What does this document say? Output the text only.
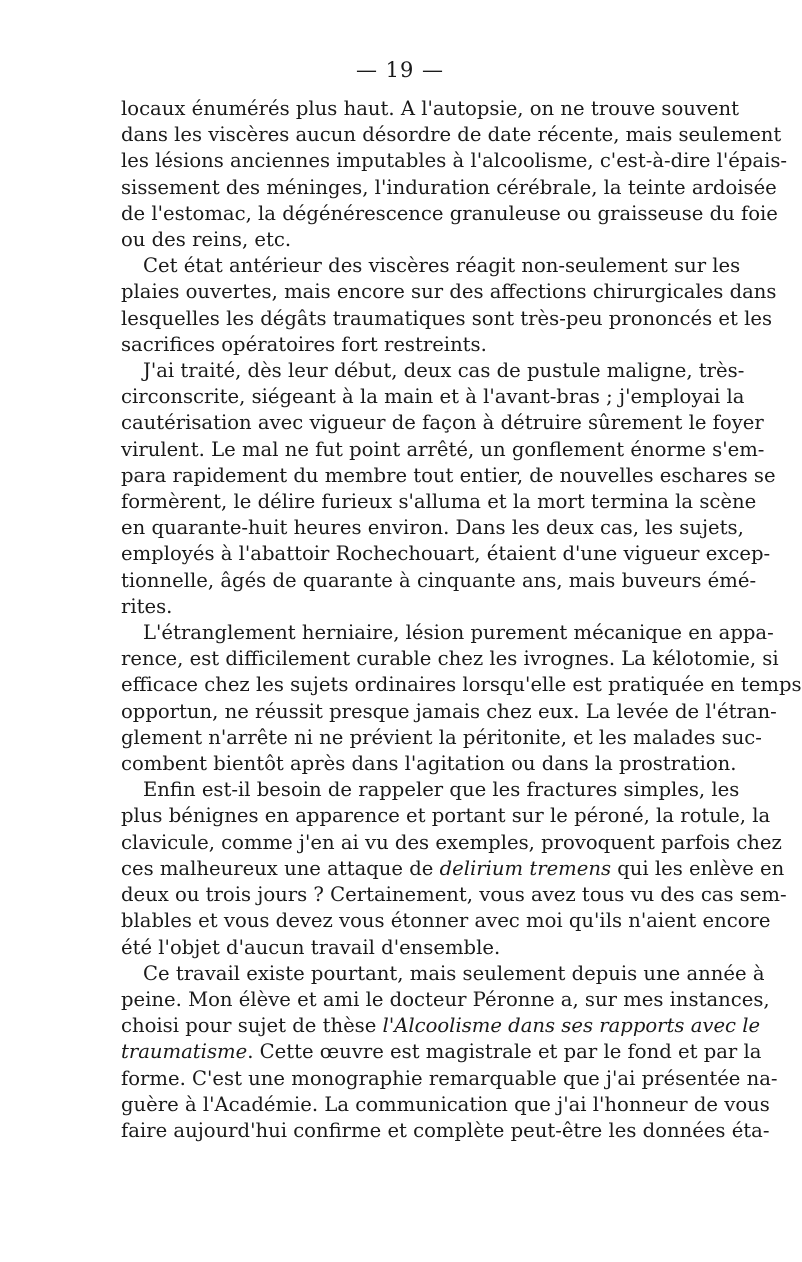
— 19 —
locaux énumérés plus haut. A l'autopsie, on ne trouve souvent
dans les viscères aucun désordre de date récente, mais seulement
les lésions anciennes imputables à l'alcoolisme, c'est-à-dire l'épais-
sissement des méninges, l'induration cérébrale, la teinte ardoisée
de l'estomac, la dégénérescence granuleuse ou graisseuse du foie
ou des reins, etc.
Cet état antérieur des viscères réagit non-seulement sur les
plaies ouvertes, mais encore sur des affections chirurgicales dans
lesquelles les dégâts traumatiques sont très-peu prononcés et les
sacrifices opératoires fort restreints.
J'ai traité, dès leur début, deux cas de pustule maligne, très-
circonscrite, siégeant à la main et à l'avant-bras ; j'employai la
cautérisation avec vigueur de façon à détruire sûrement le foyer
virulent. Le mal ne fut point arrêté, un gonflement énorme s'em-
para rapidement du membre tout entier, de nouvelles eschares se
formèrent, le délire furieux s'alluma et la mort termina la scène
en quarante-huit heures environ. Dans les deux cas, les sujets,
employés à l'abattoir Rochechouart, étaient d'une vigueur excep-
tionnelle, âgés de quarante à cinquante ans, mais buveurs émé-
rites.
L'étranglement herniaire, lésion purement mécanique en appa-
rence, est difficilement curable chez les ivrognes. La kélotomie, si
efficace chez les sujets ordinaires lorsqu'elle est pratiquée en temps
opportun, ne réussit presque jamais chez eux. La levée de l'étran-
glement n'arrête ni ne prévient la péritonite, et les malades suc-
combent bientôt après dans l'agitation ou dans la prostration.
Enfin est-il besoin de rappeler que les fractures simples, les
plus bénignes en apparence et portant sur le péroné, la rotule, la
clavicule, comme j'en ai vu des exemples, provoquent parfois chez
ces malheureux une attaque de delirium tremens qui les enlève en
deux ou trois jours ? Certainement, vous avez tous vu des cas sem-
blables et vous devez vous étonner avec moi qu'ils n'aient encore
été l'objet d'aucun travail d'ensemble.
Ce travail existe pourtant, mais seulement depuis une année à
peine. Mon élève et ami le docteur Péronne a, sur mes instances,
choisi pour sujet de thèse l'Alcoolisme dans ses rapports avec le
traumatisme. Cette œuvre est magistrale et par le fond et par la
forme. C'est une monographie remarquable que j'ai présentée na-
guère à l'Académie. La communication que j'ai l'honneur de vous
faire aujourd'hui confirme et complète peut-être les données éta-
